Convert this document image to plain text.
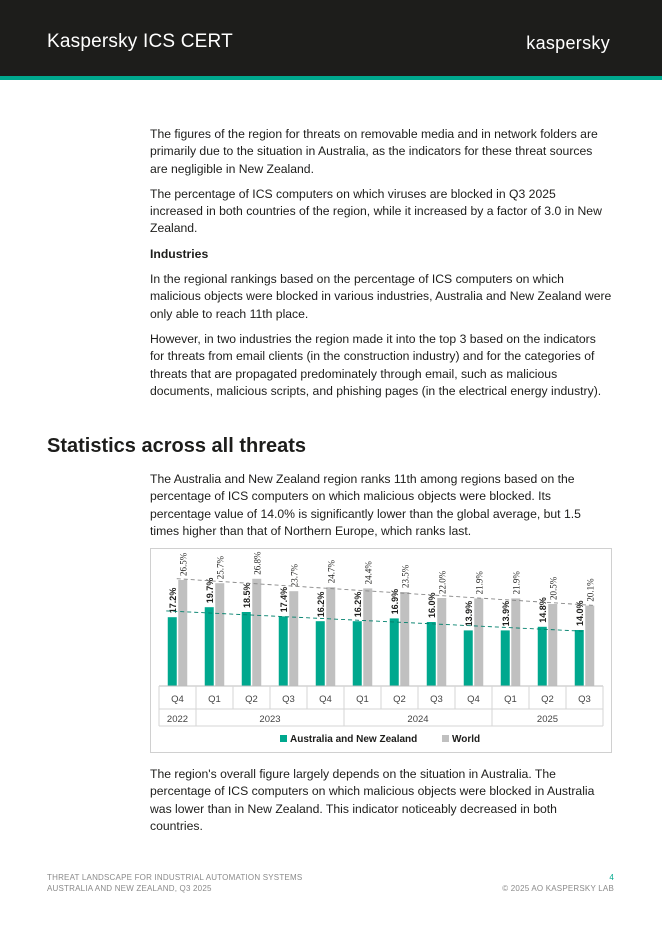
Kaspersky ICS CERT	kaspersky

The figures of the region for threats on removable media and in network folders are primarily due to the situation in Australia, as the indicators for these threat sources are negligible in New Zealand.

The percentage of ICS computers on which viruses are blocked in Q3 2025 increased in both countries of the region, while it increased by a factor of 3.0 in New Zealand.

Industries

In the regional rankings based on the percentage of ICS computers on which malicious objects were blocked in various industries, Australia and New Zealand were only able to reach 11th place.

However, in two industries the region made it into the top 3 based on the indicators for threats from email clients (in the construction industry) and for the categories of threats that are propagated predominately through email, such as malicious documents, malicious scripts, and phishing pages (in the electrical energy industry).

Statistics across all threats

The Australia and New Zealand region ranks 11th among regions based on the percentage of ICS computers on which malicious objects were blocked. Its percentage value of 14.0% is significantly lower than the global average, but 1.5 times higher than that of Northern Europe, which ranks last.

17.2%
26.5%
Q4
19.7%
25.7%
Q1
18.5%
26.8%
Q2
17.4%
23.7%
Q3
16.2%
24.7%
Q4
16.2%
24.4%
Q1
16.9%
23.5%
Q2
16.0%
22.0%
Q3
13.9%
21.9%
Q4
13.9%
21.9%
Q1
14.8%
20.5%
Q2
14.0%
20.1%
Q3
2022	2023	2024	2025
Australia and New Zealand	World

The region's overall figure largely depends on the situation in Australia. The percentage of ICS computers on which malicious objects were blocked in Australia was lower than in New Zealand. This indicator noticeably decreased in both countries.

THREAT LANDSCAPE FOR INDUSTRIAL AUTOMATION SYSTEMS
AUSTRALIA AND NEW ZEALAND, Q3 2025
4
© 2025 AO KASPERSKY LAB
